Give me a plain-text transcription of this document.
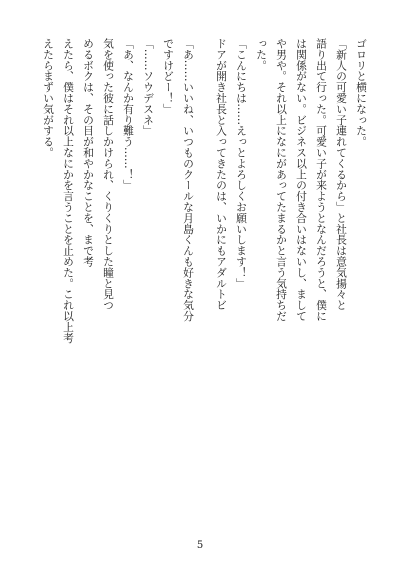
ゴロリと横になった。
「新人の可愛い子連れてくるから」と社長は意気揚々と
語り出て行った。可愛い子が来ようとなんだろうと、僕に
は関係がない。ビジネス以上の付き合いはないし、まして
や男や。それ以上になにがあってたまるかと言う気持ちだ
った。
「こんにちは……えっとよろしくお願いします！」
ドアが開き社長と入ってきたのは、いかにもアダルトビ
「あ……いいね、いつものクールな月島くんも好きな気分
ですけどー！」
「……ソウデスネ」
「あ、なんか有り難う……！」
気を使った彼に話しかけられ、くりくりとした瞳と見つ
めるボクは、その目が和やかなことを、まで考
えたら、僕はそれ以上なにかを言うことを止めた。これ以上考
えたらまずい気がする。
5
